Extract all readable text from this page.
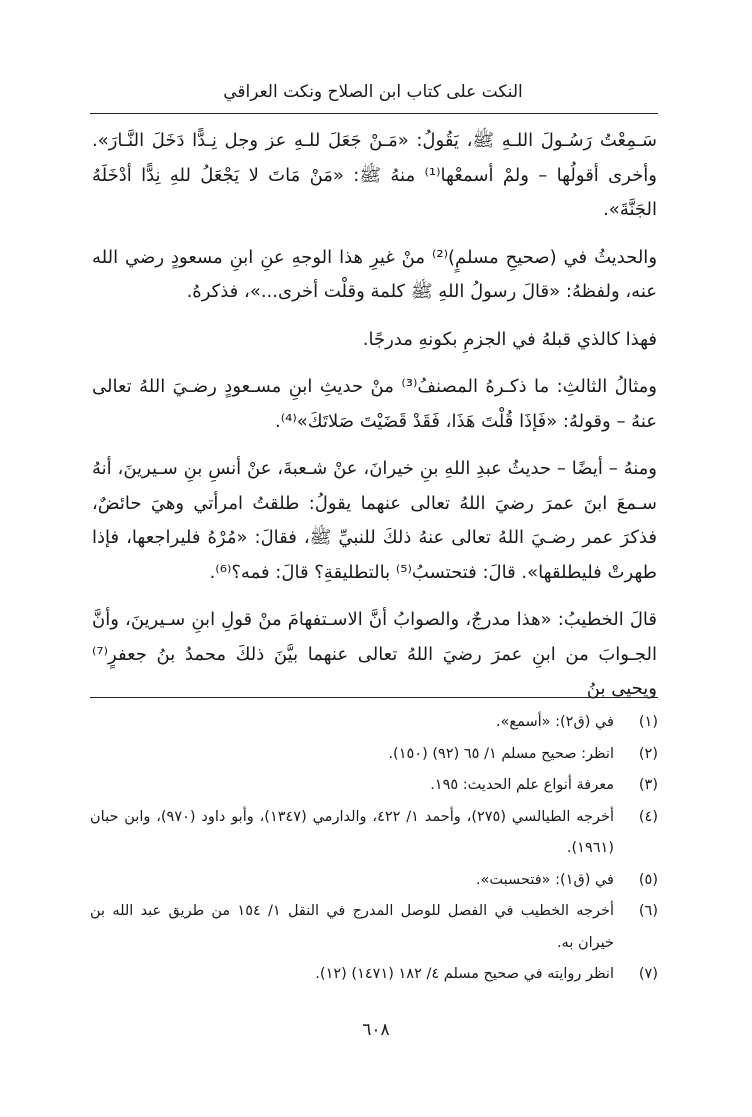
النكت على كتاب ابن الصلاح ونكت العراقي

سَـمِعْتُ رَسُـولَ اللـهِ ﷺ، يَقُولُ: «مَـنْ جَعَلَ للـهِ عز وجل نِـدًّا دَخَلَ النَّـارَ». وأخرى أقولُها – ولمْ أسمعْها⁽¹⁾ منهُ ﷺ: «مَنْ مَاتَ لا يَجْعَلُ للهِ نِدًّا أدْخَلَهُ الجَنَّةَ».

والحديثُ في (صحيحِ مسلمٍ)⁽²⁾ منْ غيرِ هذا الوجهِ عنِ ابنِ مسعودٍ رضي الله عنه، ولفظهُ: «قالَ رسولُ اللهِ ﷺ كلمة وقلْت أخرى...»، فذكرهُ.

فهذا كالذي قبلهُ في الجزمِ بكونهِ مدرجًا.

ومثالُ الثالثِ: ما ذكـرهُ المصنفُ⁽³⁾ منْ حديثِ ابنِ مسـعودٍ رضـيَ اللهُ تعالى عنهُ – وقولهُ: «فَإذَا قُلْتَ هَذَا، فَقَدْ قَضَيْتَ صَلاتَكَ»⁽⁴⁾.

ومنهُ – أيضًا – حديثُ عبدِ اللهِ بنِ خيرانَ، عنْ شـعبةَ، عنْ أنسِ بنِ سـيرينَ، أنهُ سـمعَ ابنَ عمرَ رضيَ اللهُ تعالى عنهما يقولُ: طلقتُ امرأتي وهيَ حائضٌ، فذكرَ عمر رضـيَ اللهُ تعالى عنهُ ذلكَ للنبيِّ ﷺ، فقالَ: «مُرْهُ فليراجعها، فإذا طهرتْ فليطلقها». قالَ: فتحتسبُ⁽⁵⁾ بالتطليقةِ؟ قالَ: فمه؟⁽⁶⁾.

قالَ الخطيبُ: «هذا مدرجٌ، والصوابُ أنَّ الاسـتفهامَ منْ قولِ ابنِ سـيرينَ، وأنَّ الجـوابَ من ابنِ عمرَ رضيَ اللهُ تعالى عنهما بيَّنَ ذلكَ محمدُ بنُ جعفرٍ⁽⁷⁾ ويحيى بنُ

(١)
في (ق٢): «أسمع».
(٢)
انظر: صحيح مسلم ١/ ٦٥ (٩٢) (١٥٠).
(٣)
معرفة أنواع علم الحديث: ١٩٥.
(٤)
أخرجه الطيالسي (٢٧٥)، وأحمد ١/ ٤٢٢، والدارمي (١٣٤٧)، وأبو داود (٩٧٠)، وابن حبان (١٩٦١).
(٥)
في (ق١): «فتحسبت».
(٦)
أخرجه الخطيب في الفصل للوصل المدرج في النقل ١/ ١٥٤ من طريق عبد الله بن خيران به.
(٧)
انظر روايته في صحيح مسلم ٤/ ١٨٢ (١٤٧١) (١٢).
٦٠٨
